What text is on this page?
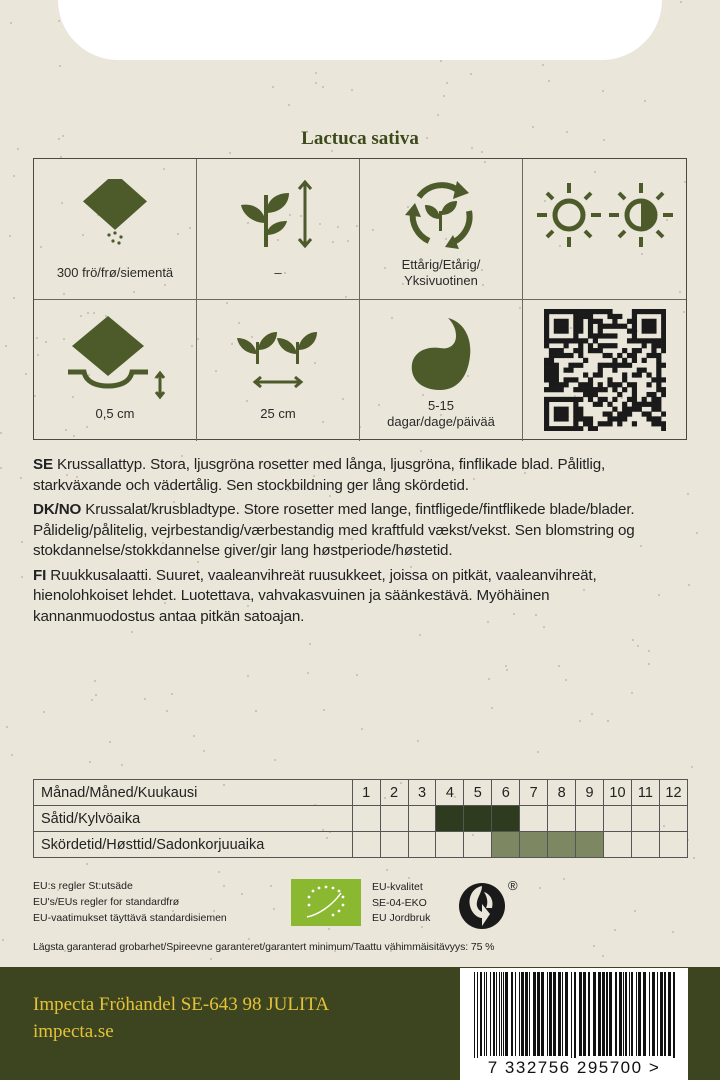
Lactuca sativa
300 frö/frø/siementä	–
Ettårig/Etårig/
Yksivuotinen
0,5 cm	25 cm
5-15
dagar/dage/päivää

SE Krussallattyp. Stora, ljusgröna rosetter med långa, ljusgröna, finflikade blad. Pålitlig, starkväxande och vädertålig. Sen stockbildning ger lång skördetid.

DK/NO Krussalat/krusbladtype. Store rosetter med lange, fintfligede/fintflikede blade/blader. Pålidelig/pålitelig, vejrbestandig/værbestandig med kraftfuld vækst/vekst. Sen blomstring og stokdannelse/stokkdannelse giver/gir lang høstperiode/høstetid.

FI Ruukkusalaatti. Suuret, vaaleanvihreät ruusukkeet, joissa on pitkät, vaaleanvihreät, hienolohkoiset lehdet. Luotettava, vahvakasvuinen ja säänkestävä. Myöhäinen kannanmuodostus antaa pitkän satoajan.

Månad/Måned/Kuukausi	1	2	3	4	5	6	7	8	9	10	11	12
Såtid/Kylvöaika												
Skördetid/Høsttid/Sadonkorjuuaika												
EU:s regler St:utsäde
EU's/EUs regler for standardfrø
EU-vaatimukset täyttävä standardisiemen
EU-kvalitet
SE-04-EKO
EU Jordbruk
®
Lägsta garanterad grobarhet/Spireevne garanteret/garantert minimum/Taattu vähimmäisitävyys: 75 %
Impecta Fröhandel SE-643 98 JULITA
impecta.se
7 332756 295700 >
